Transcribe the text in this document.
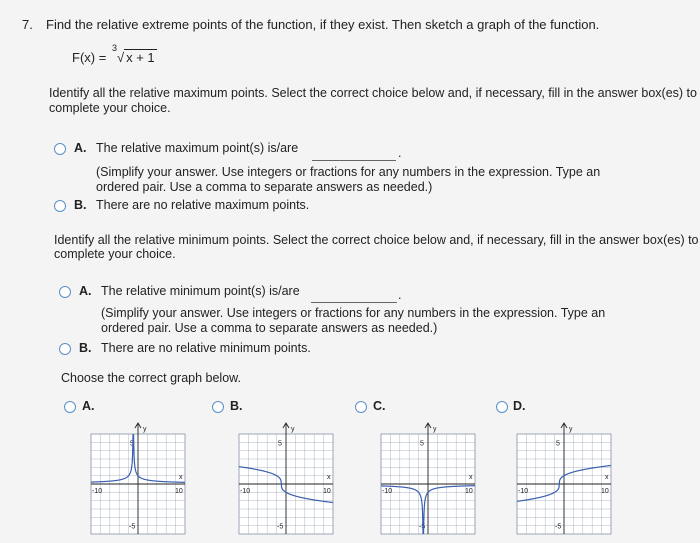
7. Find the relative extreme points of the function, if they exist. Then sketch a graph of the function.
F(x) =
3
√ x + 1
Identify all the relative maximum points. Select the correct choice below and, if necessary, fill in the answer box(es) to
complete your choice.
A. The relative maximum point(s) is/are	.
(Simplify your answer. Use integers or fractions for any numbers in the expression. Type an
ordered pair. Use a comma to separate answers as needed.)
B. There are no relative maximum points.
Identify all the relative minimum points. Select the correct choice below and, if necessary, fill in the answer box(es) to
complete your choice.
A. The relative minimum point(s) is/are	.
(Simplify your answer. Use integers or fractions for any numbers in the expression. Type an
ordered pair. Use a comma to separate answers as needed.)
B. There are no relative minimum points.
Choose the correct graph below.
A.	B.	C.	D.
y
5
-5
x
-10	10
y
5
-5
x
-10	10
y
5
-5
x
-10	10
y
5
-5
x
-10	10
